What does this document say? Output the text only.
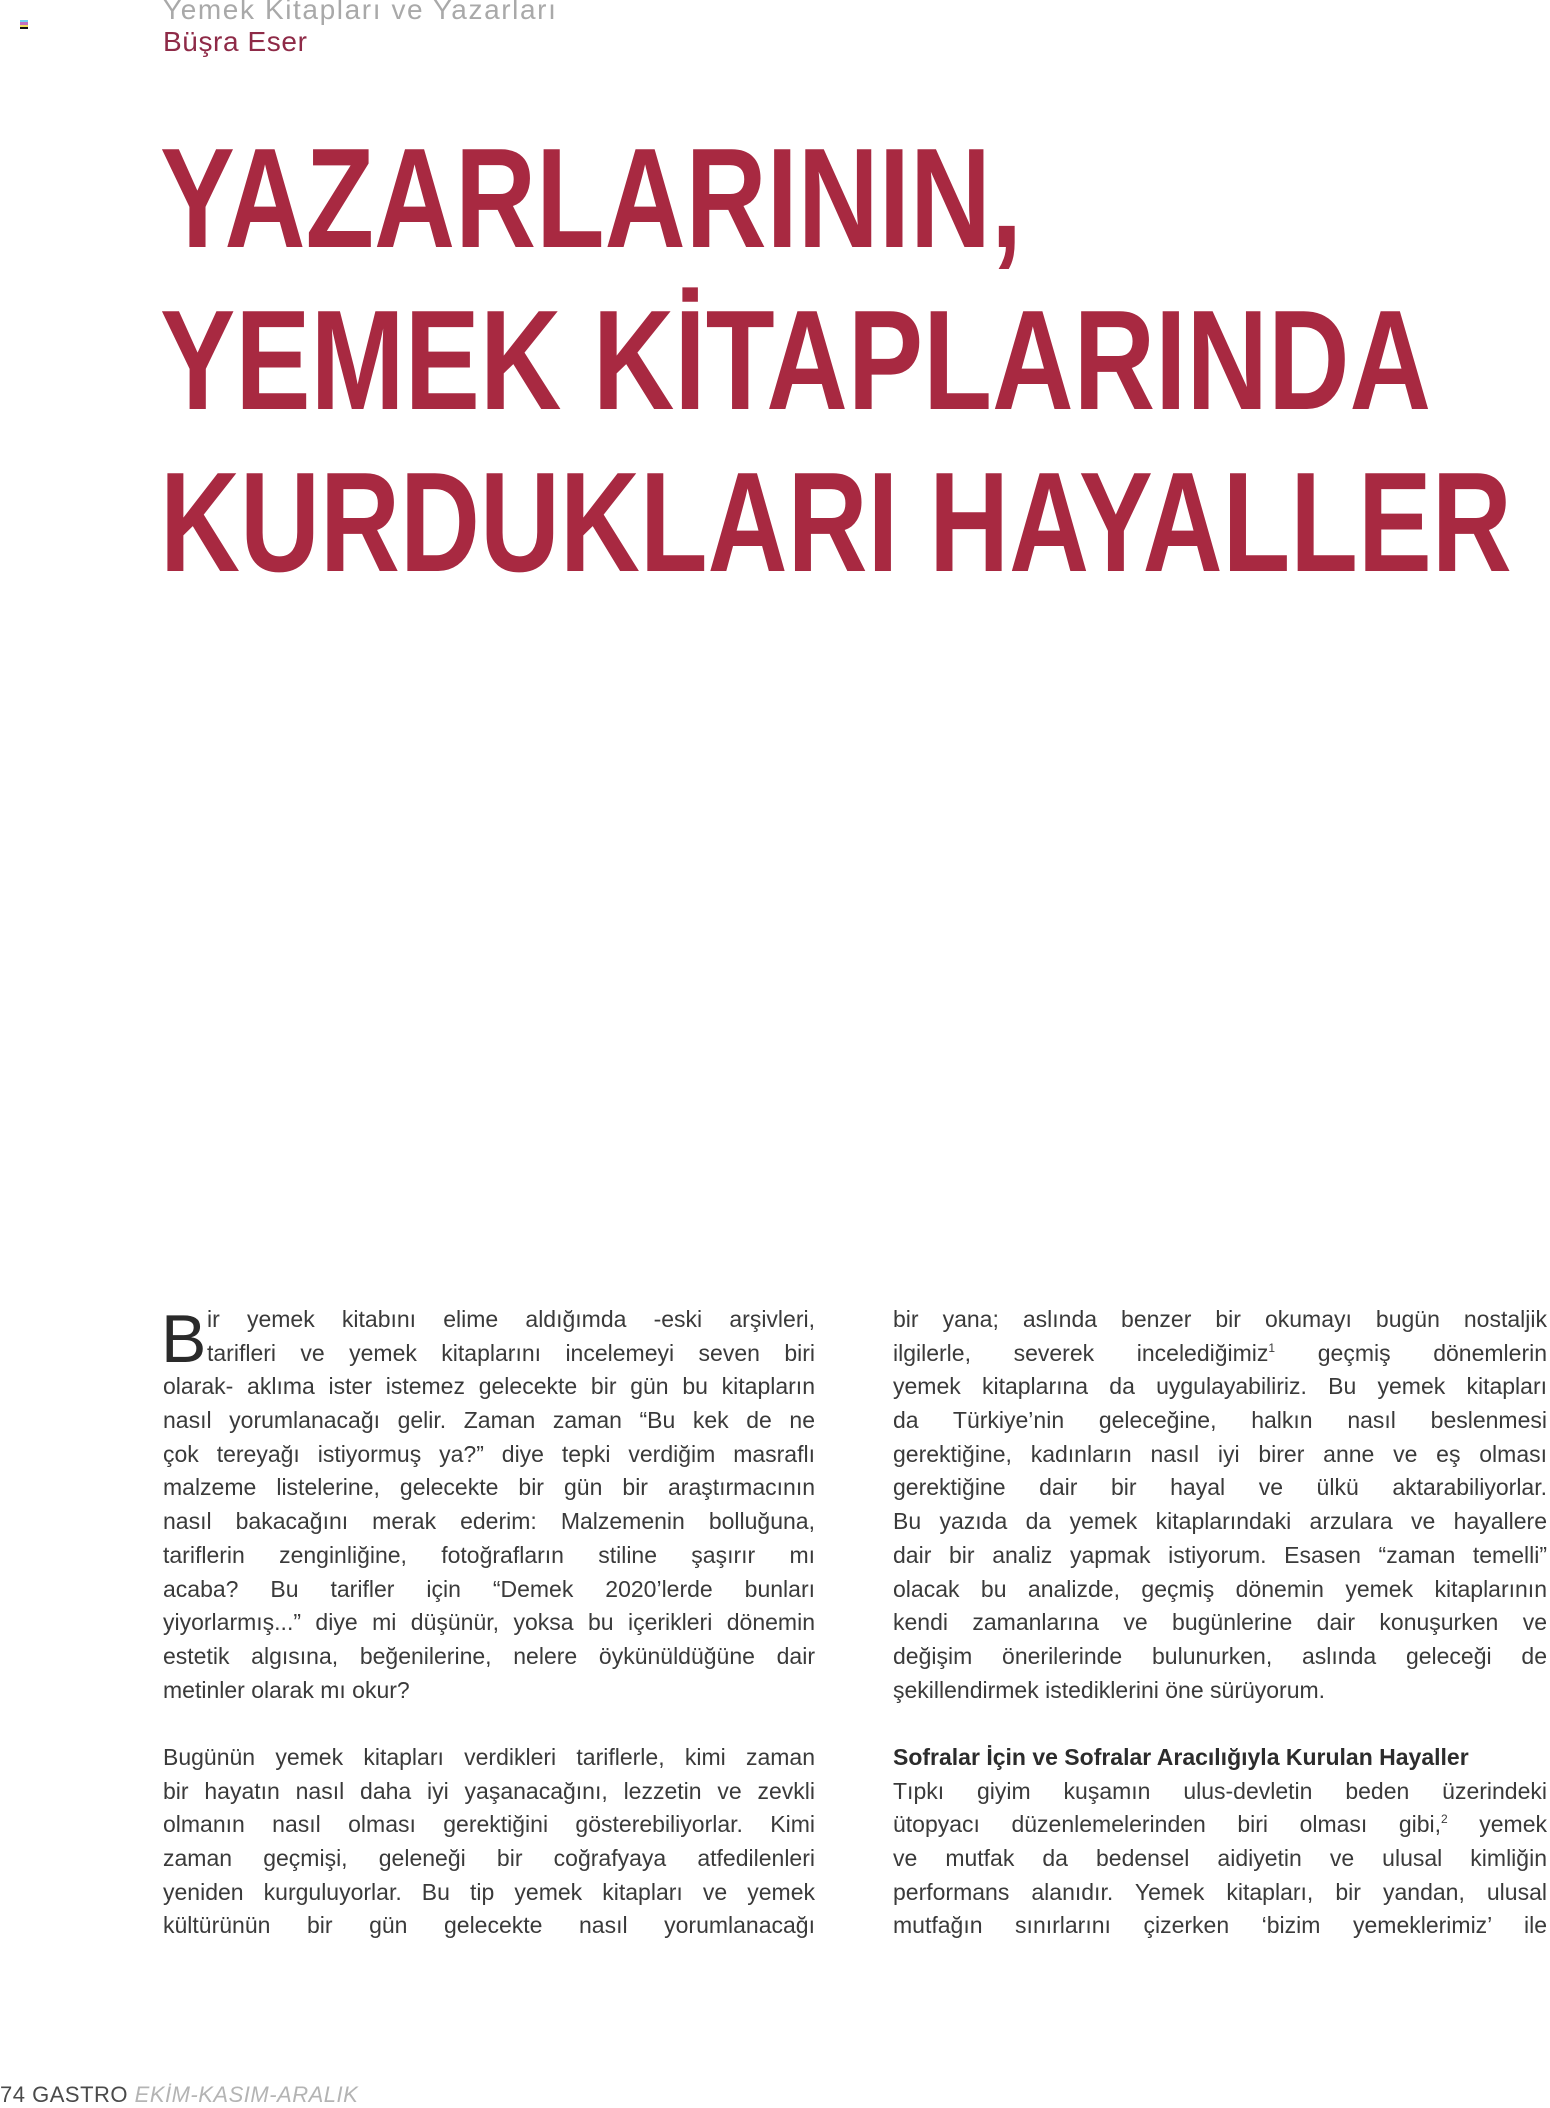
Yemek Kitapları ve Yazarları
Büşra Eser
YAZARLARININ,
YEMEK KİTAPLARINDA
KURDUKLARI HAYALLER
B ir yemek kitabını elime aldığımda -eski arşivleri,
tarifleri ve yemek kitaplarını incelemeyi seven biri
olarak- aklıma ister istemez gelecekte bir gün bu kitapların
nasıl yorumlanacağı gelir. Zaman zaman “Bu kek de ne
çok tereyağı istiyormuş ya?” diye tepki verdiğim masraflı
malzeme listelerine, gelecekte bir gün bir araştırmacının
nasıl bakacağını merak ederim: Malzemenin bolluğuna,
tariflerin zenginliğine, fotoğrafların stiline şaşırır mı
acaba? Bu tarifler için “Demek 2020’lerde bunları
yiyorlarmış...” diye mi düşünür, yoksa bu içerikleri dönemin
estetik algısına, beğenilerine, nelere öykünüldüğüne dair
metinler olarak mı okur?
Bugünün yemek kitapları verdikleri tariflerle, kimi zaman
bir hayatın nasıl daha iyi yaşanacağını, lezzetin ve zevkli
olmanın nasıl olması gerektiğini gösterebiliyorlar. Kimi
zaman geçmişi, geleneği bir coğrafyaya atfedilenleri
yeniden kurguluyorlar. Bu tip yemek kitapları ve yemek
kültürünün bir gün gelecekte nasıl yorumlanacağı
bir yana; aslında benzer bir okumayı bugün nostaljik
ilgilerle, severek incelediğimiz$^1$ geçmiş dönemlerin
yemek kitaplarına da uygulayabiliriz. Bu yemek kitapları
da Türkiye’nin geleceğine, halkın nasıl beslenmesi
gerektiğine, kadınların nasıl iyi birer anne ve eş olması
gerektiğine dair bir hayal ve ülkü aktarabiliyorlar.
Bu yazıda da yemek kitaplarındaki arzulara ve hayallere
dair bir analiz yapmak istiyorum. Esasen “zaman temelli”
olacak bu analizde, geçmiş dönemin yemek kitaplarının
kendi zamanlarına ve bugünlerine dair konuşurken ve
değişim önerilerinde bulunurken, aslında geleceği de
şekillendirmek istediklerini öne sürüyorum.
Sofralar İçin ve Sofralar Aracılığıyla Kurulan Hayaller
Tıpkı giyim kuşamın ulus-devletin beden üzerindeki
ütopyacı düzenlemelerinden biri olması gibi,$^2$ yemek
ve mutfak da bedensel aidiyetin ve ulusal kimliğin
performans alanıdır. Yemek kitapları, bir yandan, ulusal
mutfağın sınırlarını çizerken ‘bizim yemeklerimiz’ ile
74 GASTRO EKİM-KASIM-ARALIK
